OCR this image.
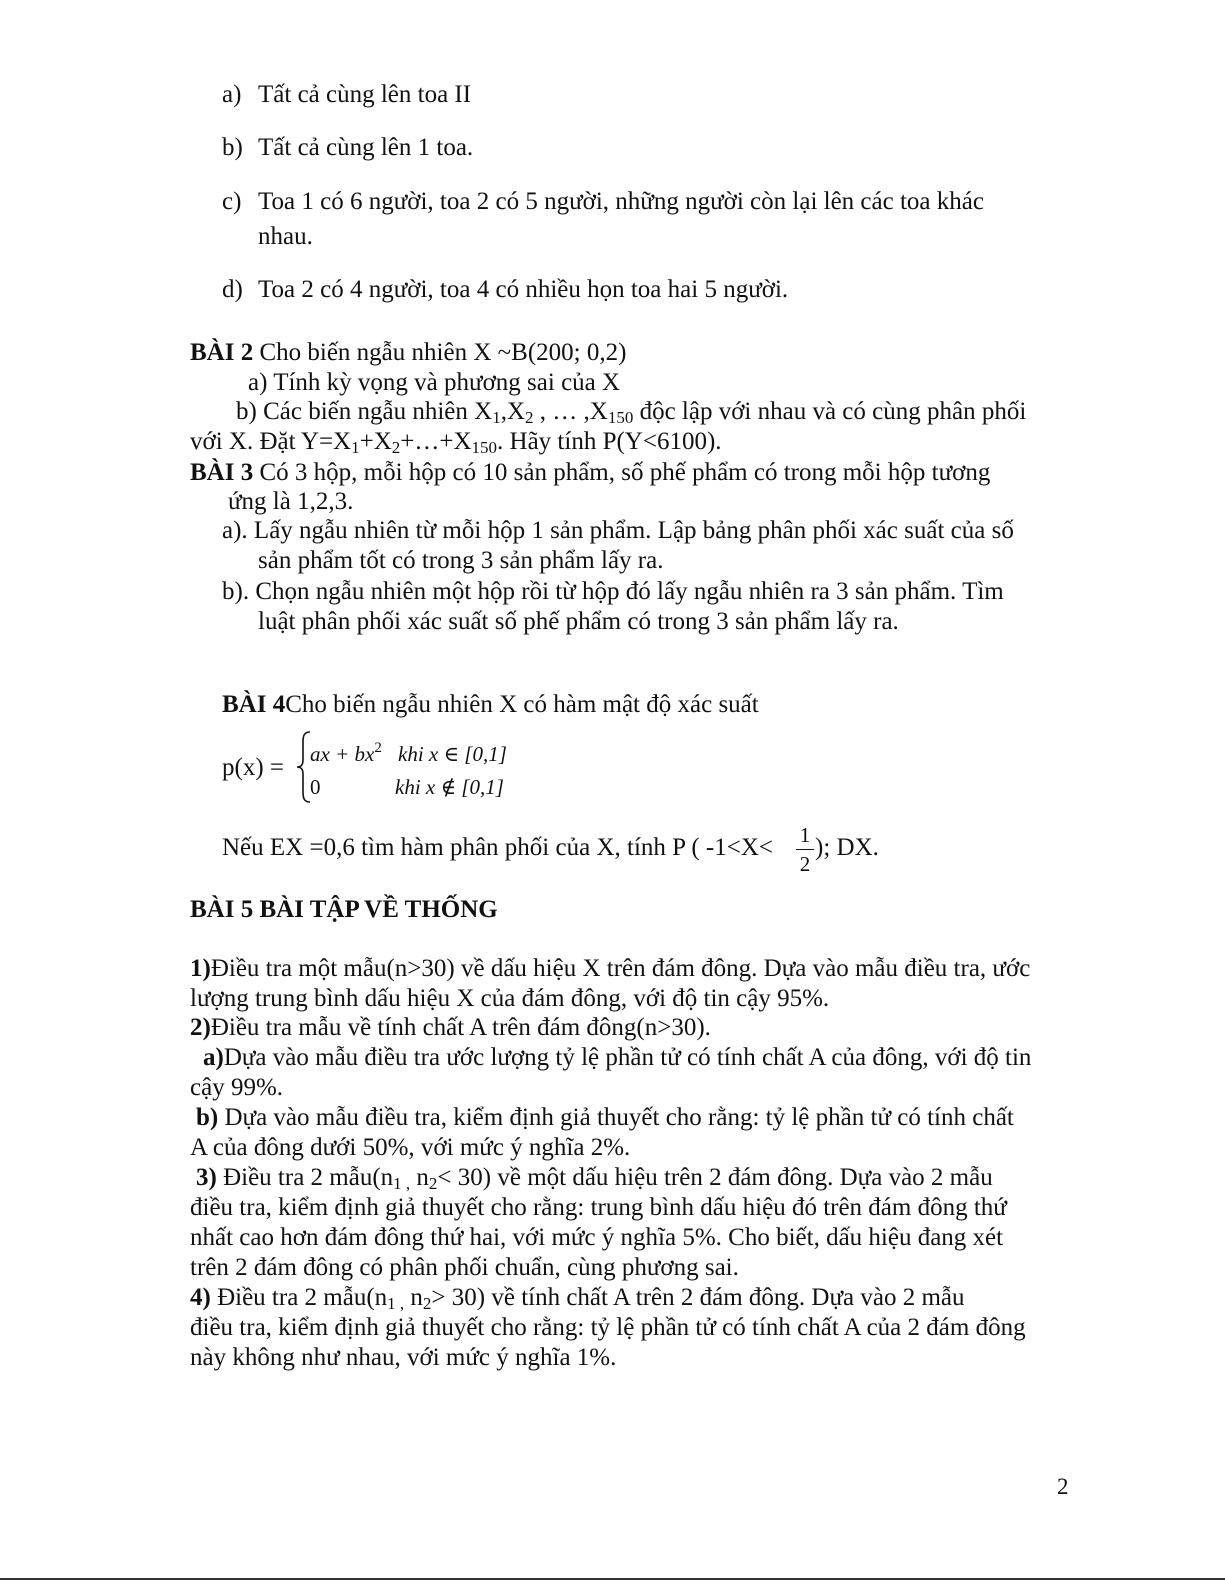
a) Tất cả cùng lên toa II
b) Tất cả cùng lên 1 toa.
c) Toa 1 có 6 người, toa 2 có 5 người, những người còn lại lên các toa khác
nhau.
d) Toa 2 có 4 người, toa 4 có nhiều họn toa hai 5 người.
BÀI 2 Cho biến ngẫu nhiên X ~B(200; 0,2)
a) Tính kỳ vọng và phương sai của X
b) Các biến ngẫu nhiên $X_1,X_2$ , … $,X_{150}$ độc lập với nhau và có cùng phân phối
với X. Đặt $Y=X_1+X_2+\dots+X_{150}$. Hãy tính P(Y<6100).
BÀI 3 Có 3 hộp, mỗi hộp có 10 sản phẩm, số phế phẩm có trong mỗi hộp tương
ứng là 1,2,3.
a). Lấy ngẫu nhiên từ mỗi hộp 1 sản phẩm. Lập bảng phân phối xác suất của số
sản phẩm tốt có trong 3 sản phẩm lấy ra.
b). Chọn ngẫu nhiên một hộp rồi từ hộp đó lấy ngẫu nhiên ra 3 sản phẩm. Tìm
luật phân phối xác suất số phế phẩm có trong 3 sản phẩm lấy ra.
BÀI 4Cho biến ngẫu nhiên X có hàm mật độ xác suất
p(x) = ax + $bx^2$ khi x ∈ [0,1]
0	khi x ∉ [0,1]
Nếu EX =0,6 tìm hàm phân phối của X, tính P ( -1<X< 1
2
); DX.
BÀI 5 BÀI TẬP VỀ THỐNG
1)Điều tra một mẫu(n>30) về dấu hiệu X trên đám đông. Dựa vào mẫu điều tra, ước
lượng trung bình dấu hiệu X của đám đông, với độ tin cậy 95%.
2)Điều tra mẫu về tính chất A trên đám đông(n>30).
a)Dựa vào mẫu điều tra ước lượng tỷ lệ phần tử có tính chất A của đông, với độ tin
cậy 99%.
b) Dựa vào mẫu điều tra, kiểm định giả thuyết cho rằng: tỷ lệ phần tử có tính chất
A của đông dưới 50%, với mức ý nghĩa 2%.
3) Điều tra 2 $mẫu(n_{1 ,}$ $n_2< 30$) về một dấu hiệu trên 2 đám đông. Dựa vào 2 mẫu
điều tra, kiểm định giả thuyết cho rằng: trung bình dấu hiệu đó trên đám đông thứ
nhất cao hơn đám đông thứ hai, với mức ý nghĩa 5%. Cho biết, dấu hiệu đang xét
trên 2 đám đông có phân phối chuẩn, cùng phương sai.
4) Điều tra 2 $mẫu(n_{1 ,}$ $n_2> 30$) về tính chất A trên 2 đám đông. Dựa vào 2 mẫu
điều tra, kiểm định giả thuyết cho rằng: tỷ lệ phần tử có tính chất A của 2 đám đông
này không như nhau, với mức ý nghĩa 1%.
2
